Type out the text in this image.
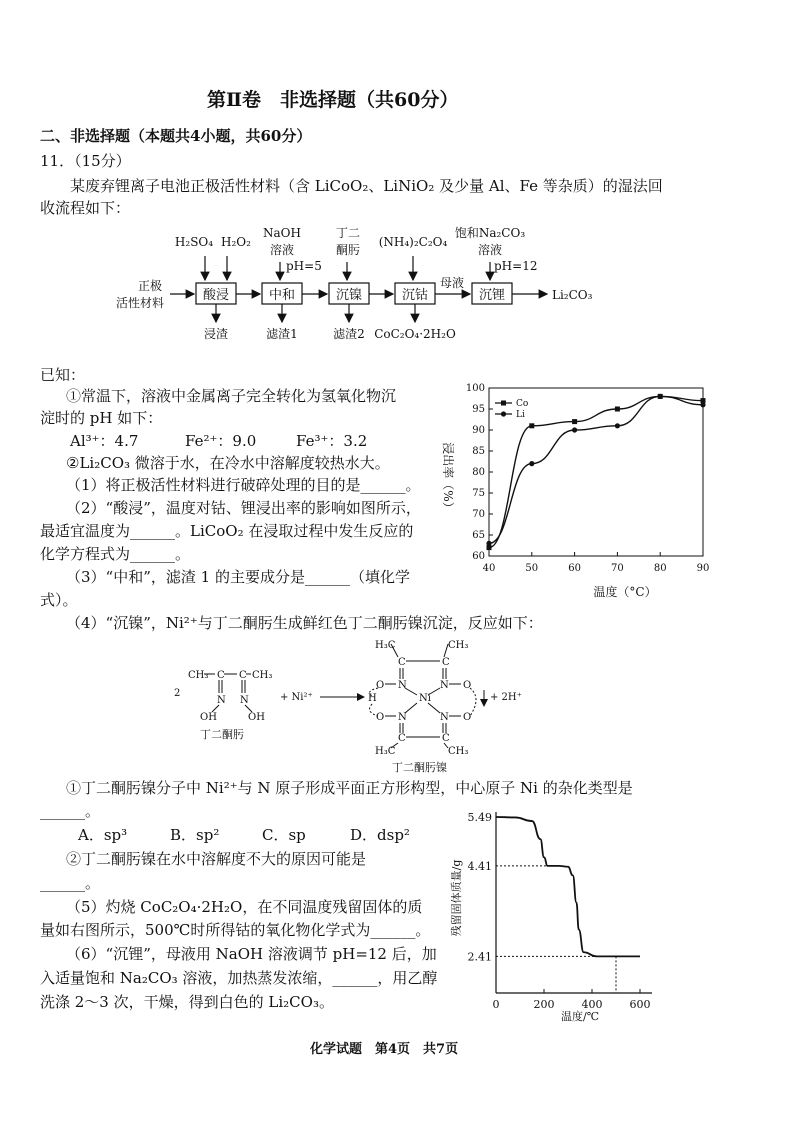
第Ⅱ卷　非选择题（共60分）
二、非选择题（本题共4小题，共60分）
11．（15分）
某废弃锂离子电池正极活性材料（含 LiCoO₂、LiNiO₂ 及少量 Al、Fe 等杂质）的湿法回
收流程如下：
正极
活性材料
H₂SO₄ H₂O₂
NaOH
溶液
pH=5
丁二
酮肟
(NH₄)₂C₂O₄
饱和Na₂CO₃
溶液
pH=12
酸浸	中和	沉镍	沉钴	沉锂
母液
Li₂CO₃
浸渣	滤渣1	滤渣2 CoC₂O₄·2H₂O
已知：
①常温下，溶液中金属离子完全转化为氢氧化物沉
淀时的 pH 如下：
Al³⁺：4.7	Fe²⁺：9.0	Fe³⁺：3.2
②Li₂CO₃ 微溶于水，在冷水中溶解度较热水大。
（1）将正极活性材料进行破碎处理的目的是______。
（2）“酸浸”，温度对钴、锂浸出率的影响如图所示，
最适宜温度为______。LiCoO₂ 在浸取过程中发生反应的
化学方程式为______。
（3）“中和”，滤渣 1 的主要成分是______（填化学
式）。
（4）“沉镍”，Ni²⁺与丁二酮肟生成鲜红色丁二酮肟镍沉淀，反应如下：
40	50	60	70	80	90
60
65
70
75
80
85
90
95
100
浸出率（%）
温度（°C）
Co
Li
2
CH₃ C C CH₃
N N
OH	OH
丁二酮肟
+ Ni²⁺	+ 2H⁺
H₃C	CH₃
C	C
O N	N O
H	Ni
O N	N O
C	C
H₃C	CH₃
丁二酮肟镍
①丁二酮肟镍分子中 Ni²⁺与 N 原子形成平面正方形构型，中心原子 Ni 的杂化类型是
______。
A．sp³	B．sp²	C．sp	D．dsp²
②丁二酮肟镍在水中溶解度不大的原因可能是
______。
（5）灼烧 CoC₂O₄·2H₂O，在不同温度残留固体的质
量如右图所示，500℃时所得钴的氧化物化学式为______。
（6）“沉锂”，母液用 NaOH 溶液调节 pH=12 后，加
入适量饱和 Na₂CO₃ 溶液，加热蒸发浓缩，______，用乙醇
洗涤 2～3 次，干燥，得到白色的 Li₂CO₃。	0	200 400 600
5.49
4.41
2.41
残留固体质量/g
温度/℃
化学试题　第4页　共7页
